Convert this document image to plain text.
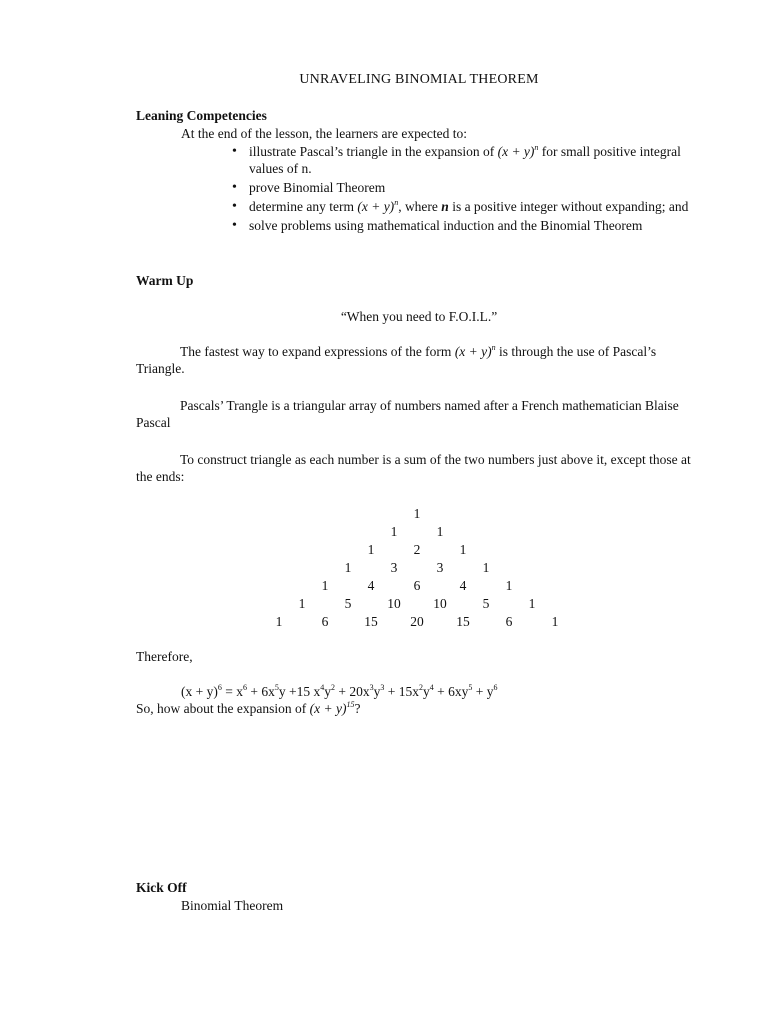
UNRAVELING BINOMIAL THEOREM
Leaning Competencies
At the end of the lesson, the learners are expected to:
• illustrate Pascal’s triangle in the expansion of $(x + y)^n$ for small positive integral values of n.
• prove Binomial Theorem
• determine any term $(x + y)^n$, where n is a positive integer without expanding; and
• solve problems using mathematical induction and the Binomial Theorem
Warm Up
“When you need to F.O.I.L.”
The fastest way to expand expressions of the form $(x + y)^n$ is through the use of Pascal’s Triangle.
Pascals’ Trangle is a triangular array of numbers named after a French mathematician Blaise Pascal
To construct triangle as each number is a sum of the two numbers just above it, except those at the ends:
1
1	1
1	2	1
1	3	3	1
1	4	6	4	1
1	5	10	10	5	1
1	6	15	20	15	6	1
Therefore,
$(x + y)^6 = x^6 + 6x^5y +15$ $x^4y^2 + 20x^3y^3 + 15x^2y^4 + 6xy^5 + y^6$
So, how about the expansion of $(x + y)^{15}$?
Kick Off
Binomial Theorem
